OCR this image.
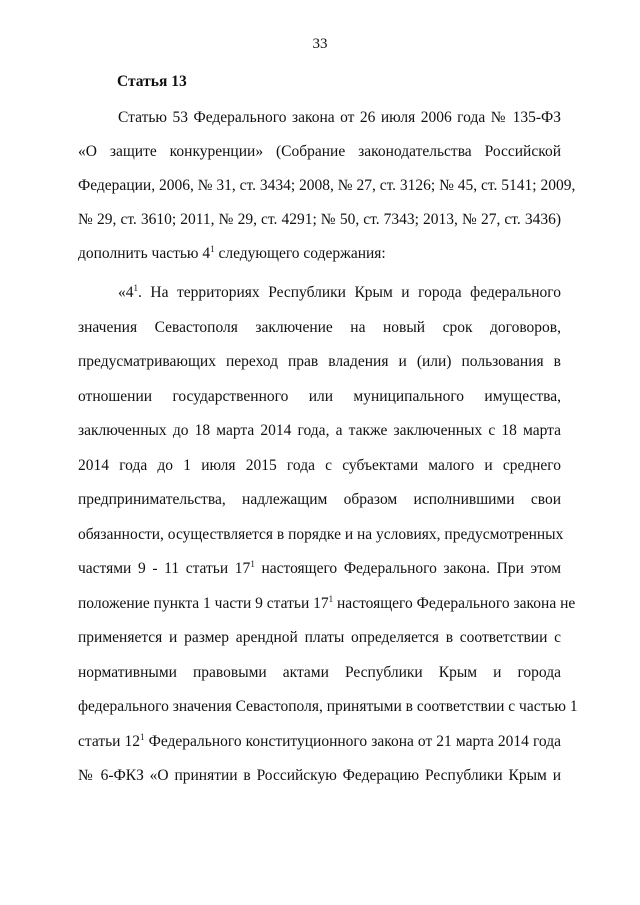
33
Статья 13
Статью 53 Федерального закона от 26 июля 2006 года № 135-ФЗ
«О защите конкуренции» (Собрание законодательства Российской
Федерации, 2006, № 31, ст. 3434; 2008, № 27, ст. 3126; № 45, ст. 5141; 2009,
№ 29, ст. 3610; 2011, № 29, ст. 4291; № 50, ст. 7343; 2013, № 27, ст. 3436)
дополнить частью $4^1$ следующего содержания:
«$4^1$. На территориях Республики Крым и города федерального
значения Севастополя заключение на новый срок договоров,
предусматривающих переход прав владения и (или) пользования в
отношении государственного или муниципального имущества,
заключенных до 18 марта 2014 года, а также заключенных с 18 марта
2014 года до 1 июля 2015 года с субъектами малого и среднего
предпринимательства, надлежащим образом исполнившими свои
обязанности, осуществляется в порядке и на условиях, предусмотренных
частями 9 - 11 статьи $17^1$ настоящего Федерального закона. При этом
положение пункта 1 части 9 статьи $17^1$ настоящего Федерального закона не
применяется и размер арендной платы определяется в соответствии с
нормативными правовыми актами Республики Крым и города
федерального значения Севастополя, принятыми в соответствии с частью 1
статьи $12^1$ Федерального конституционного закона от 21 марта 2014 года
№ 6-ФКЗ «О принятии в Российскую Федерацию Республики Крым и
